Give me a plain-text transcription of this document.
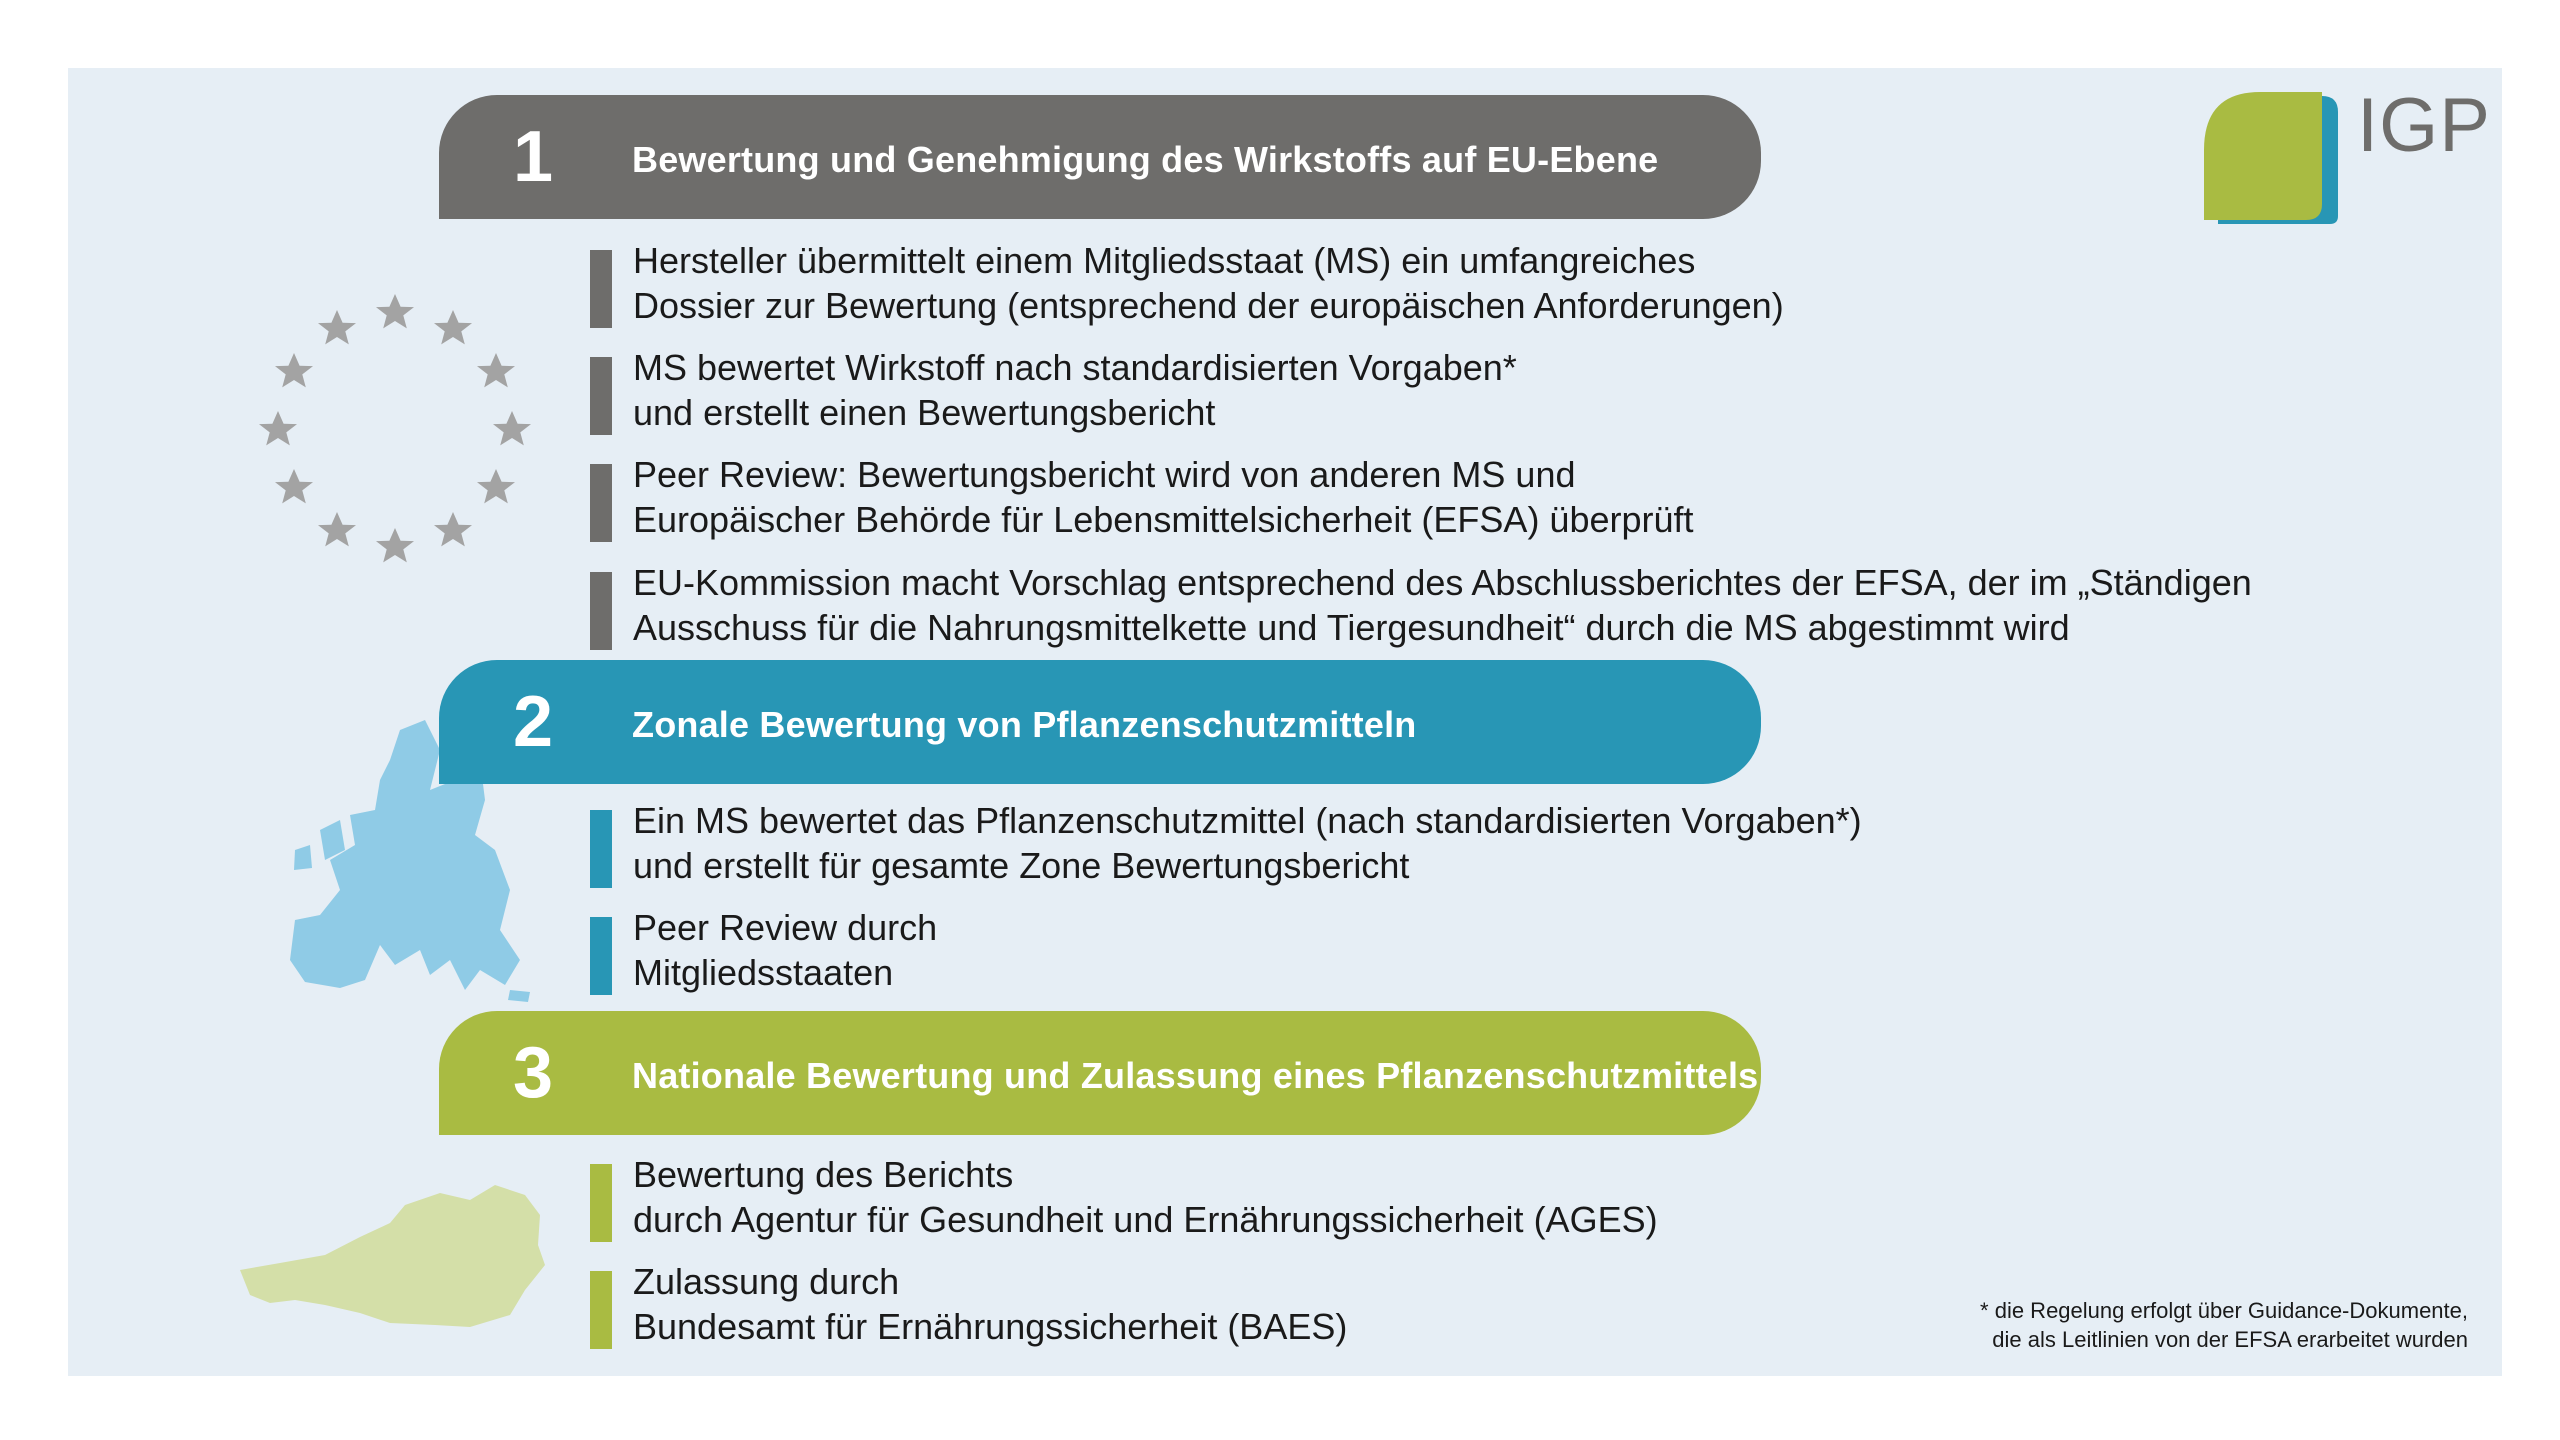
IGP
1 Bewertung und Genehmigung des Wirkstoffs auf EU-Ebene
Hersteller übermittelt einem Mitgliedsstaat (MS) ein umfangreiches
Dossier zur Bewertung (entsprechend der europäischen Anforderungen)
MS bewertet Wirkstoff nach standardisierten Vorgaben*
und erstellt einen Bewertungsbericht
Peer Review: Bewertungsbericht wird von anderen MS und
Europäischer Behörde für Lebensmittelsicherheit (EFSA) überprüft
EU-Kommission macht Vorschlag entsprechend des Abschlussberichtes der EFSA, der im „Ständigen
Ausschuss für die Nahrungsmittelkette und Tiergesundheit“ durch die MS abgestimmt wird
2 Zonale Bewertung von Pflanzenschutzmitteln
Ein MS bewertet das Pflanzenschutzmittel (nach standardisierten Vorgaben*)
und erstellt für gesamte Zone Bewertungsbericht
Peer Review durch
Mitgliedsstaaten
3 Nationale Bewertung und Zulassung eines Pflanzenschutzmittels
Bewertung des Berichts
durch Agentur für Gesundheit und Ernährungssicherheit (AGES)
Zulassung durch
Bundesamt für Ernährungssicherheit (BAES)	* die Regelung erfolgt über Guidance-Dokumente,
die als Leitlinien von der EFSA erarbeitet wurden
